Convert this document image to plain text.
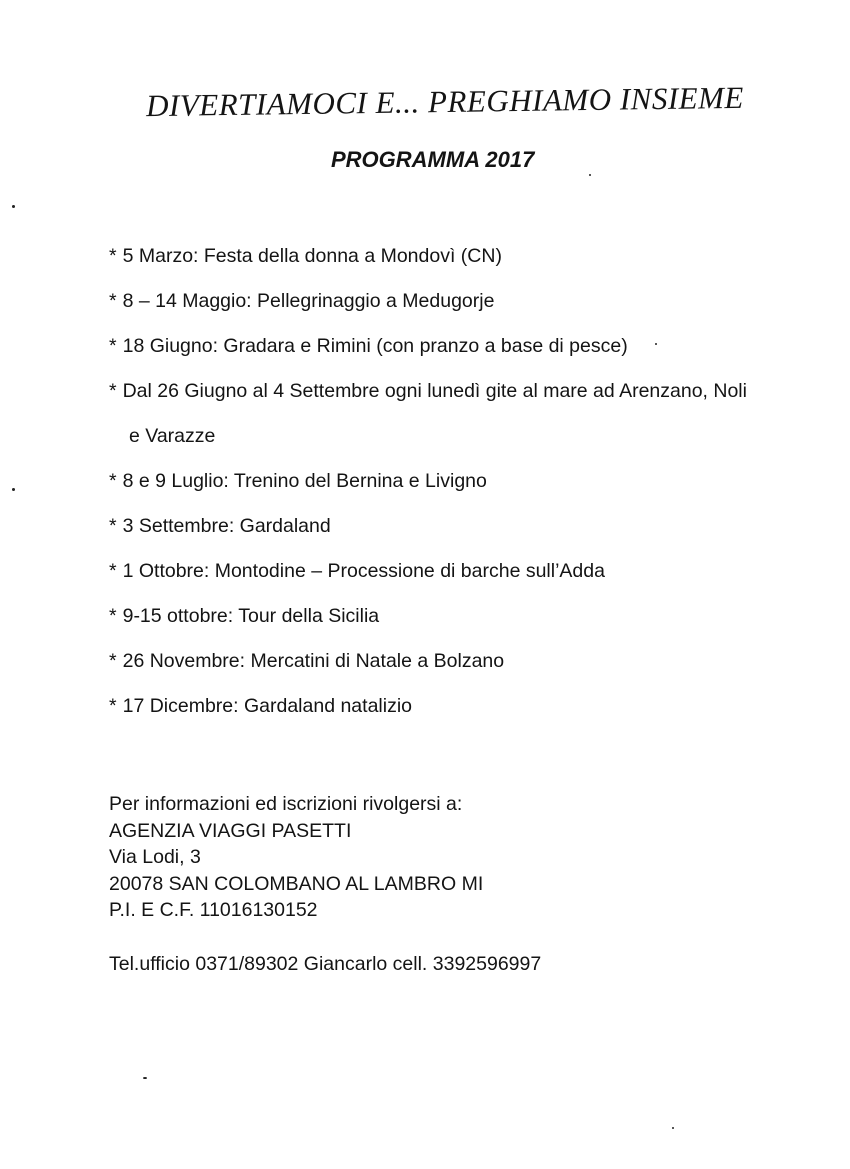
DIVERTIAMOCI E... PREGHIAMO INSIEME
PROGRAMMA 2017
* 5 Marzo: Festa della donna a Mondovì (CN)
* 8 – 14 Maggio: Pellegrinaggio a Medugorje
* 18 Giugno: Gradara e Rimini (con pranzo a base di pesce)
* Dal 26 Giugno al 4 Settembre ogni lunedì gite al mare ad Arenzano, Noli
e Varazze
* 8 e 9 Luglio: Trenino del Bernina e Livigno
* 3 Settembre: Gardaland
* 1 Ottobre: Montodine – Processione di barche sull’Adda
* 9-15 ottobre: Tour della Sicilia
* 26 Novembre: Mercatini di Natale a Bolzano
* 17 Dicembre: Gardaland natalizio
Per informazioni ed iscrizioni rivolgersi a:
AGENZIA VIAGGI PASETTI
Via Lodi, 3
20078 SAN COLOMBANO AL LAMBRO MI
P.I. E C.F. 11016130152
Tel.ufficio 0371/89302 Giancarlo cell. 3392596997
